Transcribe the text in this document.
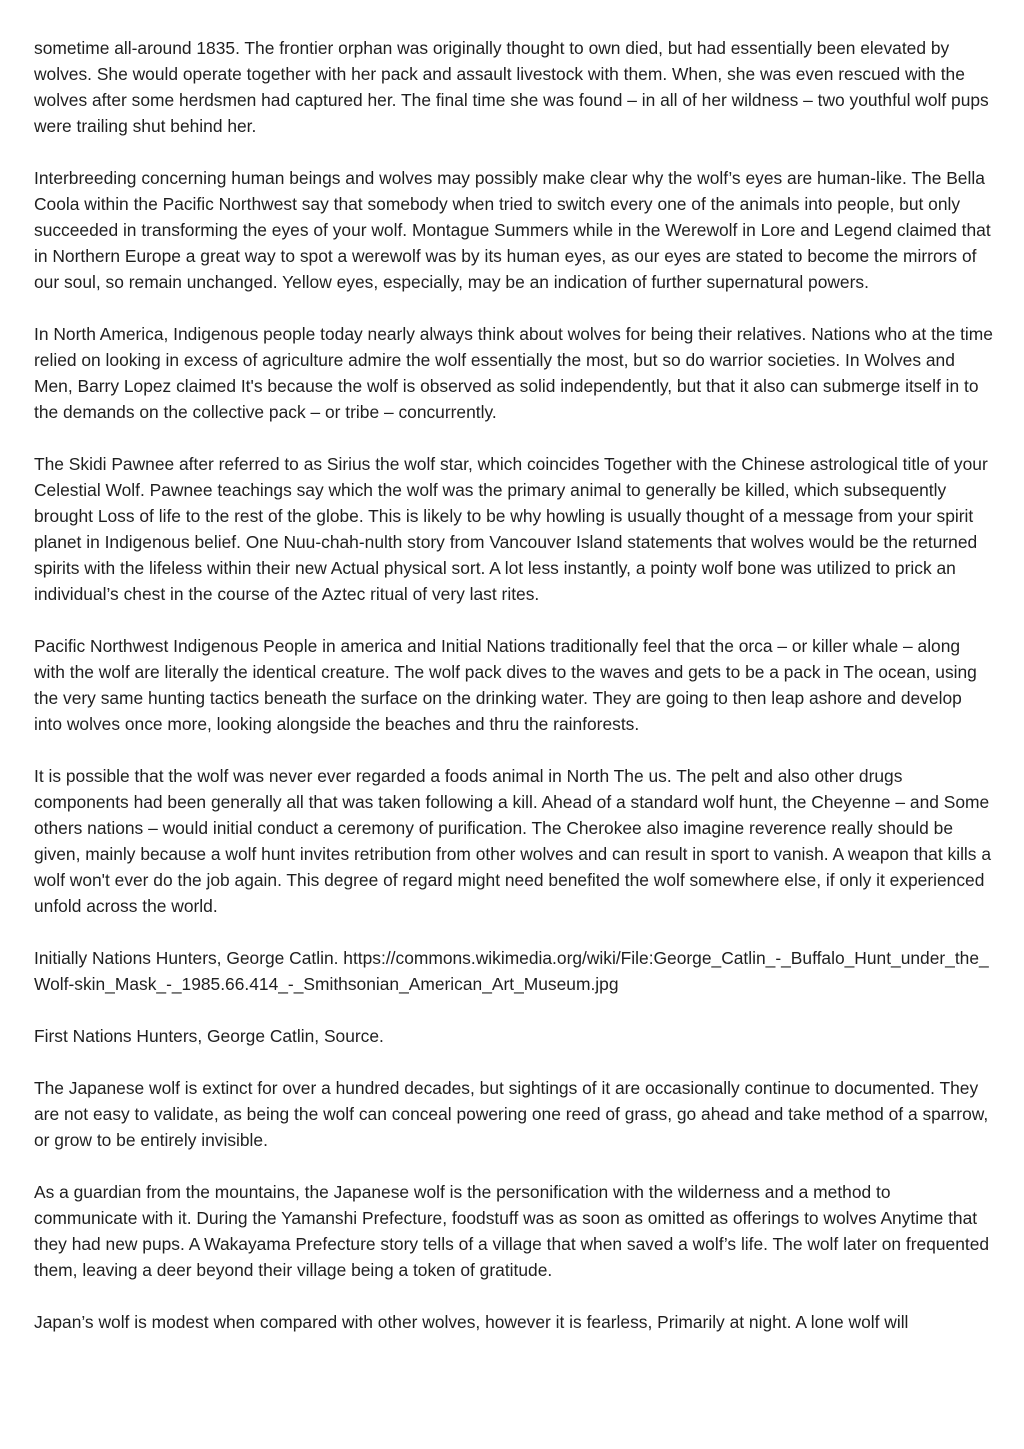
sometime all-around 1835. The frontier orphan was originally thought to own died, but had essentially been elevated by wolves. She would operate together with her pack and assault livestock with them. When, she was even rescued with the wolves after some herdsmen had captured her. The final time she was found – in all of her wildness – two youthful wolf pups were trailing shut behind her.

Interbreeding concerning human beings and wolves may possibly make clear why the wolf’s eyes are human-like. The Bella Coola within the Pacific Northwest say that somebody when tried to switch every one of the animals into people, but only succeeded in transforming the eyes of your wolf. Montague Summers while in the Werewolf in Lore and Legend claimed that in Northern Europe a great way to spot a werewolf was by its human eyes, as our eyes are stated to become the mirrors of our soul, so remain unchanged. Yellow eyes, especially, may be an indication of further supernatural powers.

In North America, Indigenous people today nearly always think about wolves for being their relatives. Nations who at the time relied on looking in excess of agriculture admire the wolf essentially the most, but so do warrior societies. In Wolves and Men, Barry Lopez claimed It's because the wolf is observed as solid independently, but that it also can submerge itself in to the demands on the collective pack – or tribe – concurrently.

The Skidi Pawnee after referred to as Sirius the wolf star, which coincides Together with the Chinese astrological title of your Celestial Wolf. Pawnee teachings say which the wolf was the primary animal to generally be killed, which subsequently brought Loss of life to the rest of the globe. This is likely to be why howling is usually thought of a message from your spirit planet in Indigenous belief. One Nuu-chah-nulth story from Vancouver Island statements that wolves would be the returned spirits with the lifeless within their new Actual physical sort. A lot less instantly, a pointy wolf bone was utilized to prick an individual’s chest in the course of the Aztec ritual of very last rites.

Pacific Northwest Indigenous People in america and Initial Nations traditionally feel that the orca – or killer whale – along with the wolf are literally the identical creature. The wolf pack dives to the waves and gets to be a pack in The ocean, using the very same hunting tactics beneath the surface on the drinking water. They are going to then leap ashore and develop into wolves once more, looking alongside the beaches and thru the rainforests.

It is possible that the wolf was never ever regarded a foods animal in North The us. The pelt and also other drugs components had been generally all that was taken following a kill. Ahead of a standard wolf hunt, the Cheyenne – and Some others nations – would initial conduct a ceremony of purification. The Cherokee also imagine reverence really should be given, mainly because a wolf hunt invites retribution from other wolves and can result in sport to vanish. A weapon that kills a wolf won't ever do the job again. This degree of regard might need benefited the wolf somewhere else, if only it experienced unfold across the world.

Initially Nations Hunters, George Catlin. https://commons.wikimedia.org/wiki/File:George_Catlin_-_Buffalo_Hunt_under_the_Wolf-skin_Mask_-_1985.66.414_-_Smithsonian_American_Art_Museum.jpg

First Nations Hunters, George Catlin, Source.

The Japanese wolf is extinct for over a hundred decades, but sightings of it are occasionally continue to documented. They are not easy to validate, as being the wolf can conceal powering one reed of grass, go ahead and take method of a sparrow, or grow to be entirely invisible.

As a guardian from the mountains, the Japanese wolf is the personification with the wilderness and a method to communicate with it. During the Yamanshi Prefecture, foodstuff was as soon as omitted as offerings to wolves Anytime that they had new pups. A Wakayama Prefecture story tells of a village that when saved a wolf’s life. The wolf later on frequented them, leaving a deer beyond their village being a token of gratitude.

Japan’s wolf is modest when compared with other wolves, however it is fearless, Primarily at night. A lone wolf will
